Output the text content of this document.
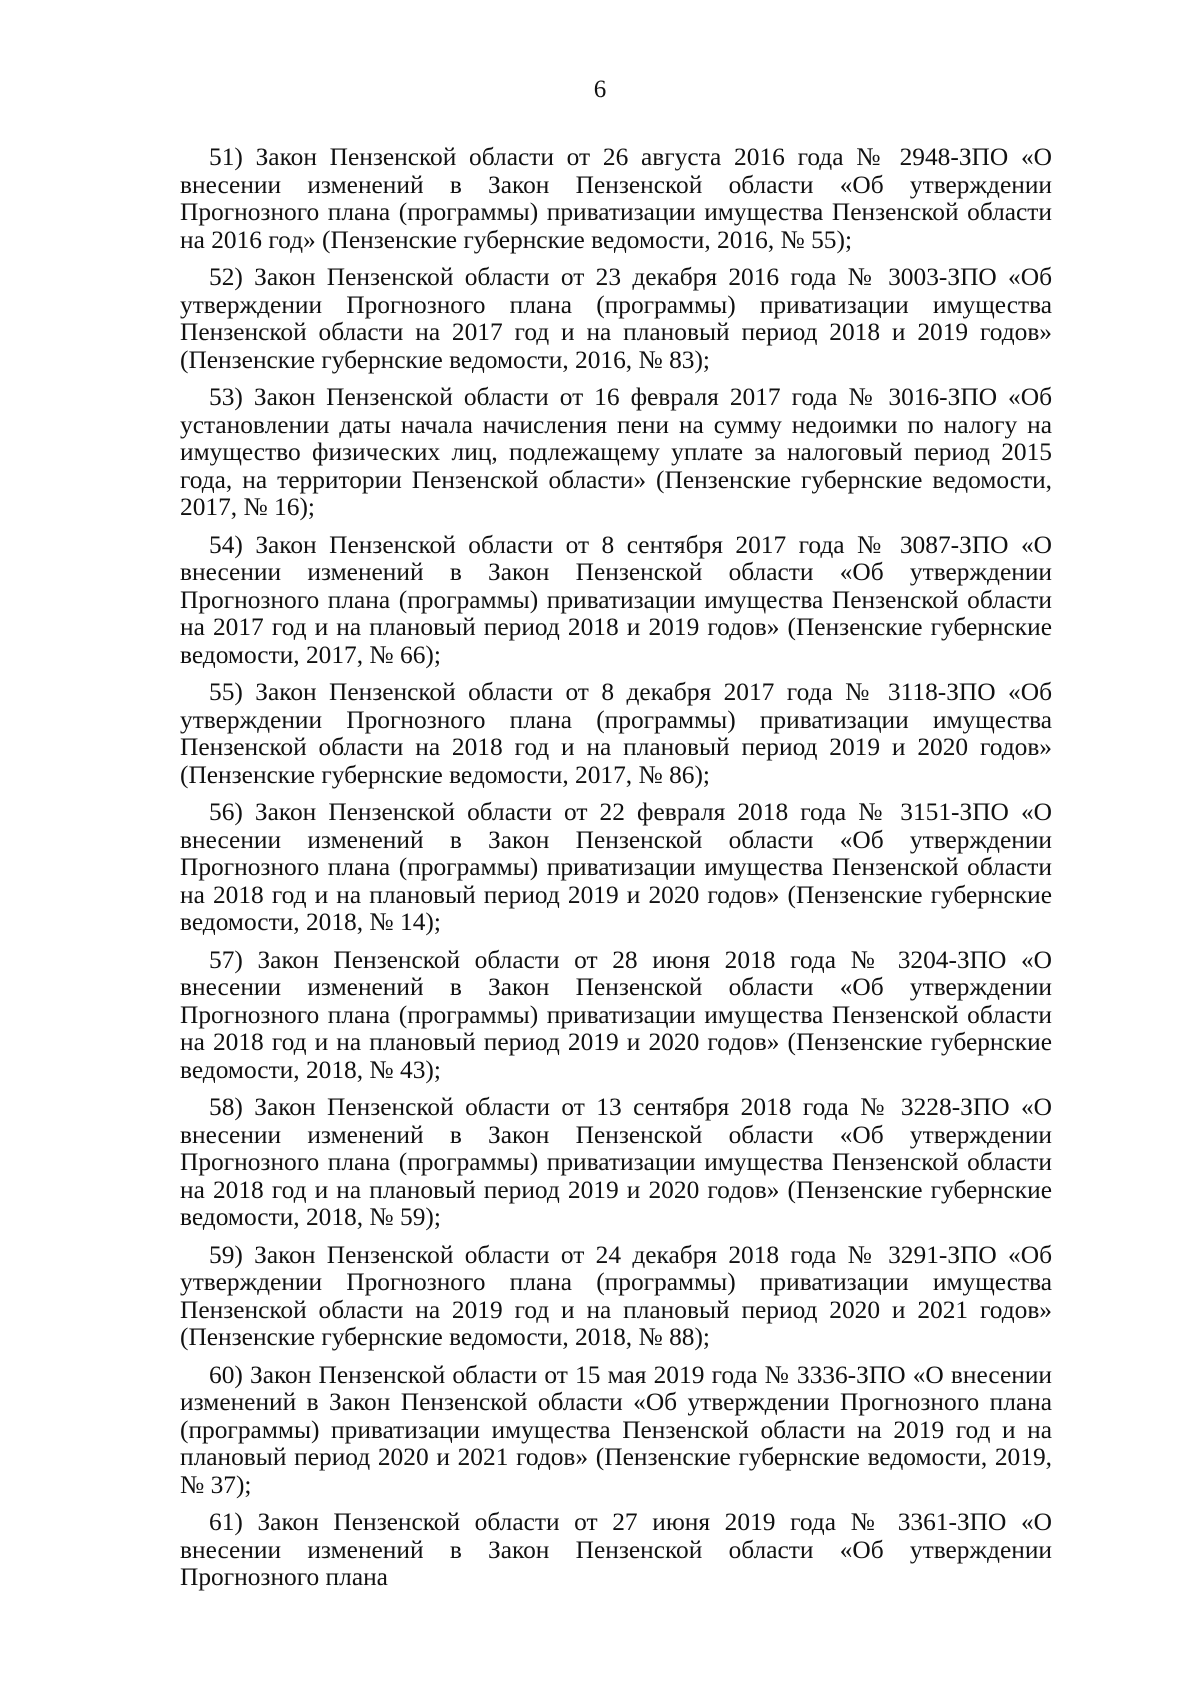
6

51) Закон Пензенской области от 26 августа 2016 года № 2948-ЗПО «О внесении изменений в Закон Пензенской области «Об утверждении Прогнозного плана (программы) приватизации имущества Пензенской области на 2016 год» (Пензенские губернские ведомости, 2016, № 55);

52) Закон Пензенской области от 23 декабря 2016 года № 3003-ЗПО «Об утверждении Прогнозного плана (программы) приватизации имущества Пензенской области на 2017 год и на плановый период 2018 и 2019 годов» (Пензенские губернские ведомости, 2016, № 83);

53) Закон Пензенской области от 16 февраля 2017 года № 3016-ЗПО «Об установлении даты начала начисления пени на сумму недоимки по налогу на имущество физических лиц, подлежащему уплате за налоговый период 2015 года, на территории Пензенской области» (Пензенские губернские ведомости, 2017, № 16);

54) Закон Пензенской области от 8 сентября 2017 года № 3087-ЗПО «О внесении изменений в Закон Пензенской области «Об утверждении Прогнозного плана (программы) приватизации имущества Пензенской области на 2017 год и на плановый период 2018 и 2019 годов» (Пензенские губернские ведомости, 2017, № 66);

55) Закон Пензенской области от 8 декабря 2017 года № 3118-ЗПО «Об утверждении Прогнозного плана (программы) приватизации имущества Пензенской области на 2018 год и на плановый период 2019 и 2020 годов» (Пензенские губернские ведомости, 2017, № 86);

56) Закон Пензенской области от 22 февраля 2018 года № 3151-ЗПО «О внесении изменений в Закон Пензенской области «Об утверждении Прогнозного плана (программы) приватизации имущества Пензенской области на 2018 год и на плановый период 2019 и 2020 годов» (Пензенские губернские ведомости, 2018, № 14);

57) Закон Пензенской области от 28 июня 2018 года № 3204-ЗПО «О внесении изменений в Закон Пензенской области «Об утверждении Прогнозного плана (программы) приватизации имущества Пензенской области на 2018 год и на плановый период 2019 и 2020 годов» (Пензенские губернские ведомости, 2018, № 43);

58) Закон Пензенской области от 13 сентября 2018 года № 3228-ЗПО «О внесении изменений в Закон Пензенской области «Об утверждении Прогнозного плана (программы) приватизации имущества Пензенской области на 2018 год и на плановый период 2019 и 2020 годов» (Пензенские губернские ведомости, 2018, № 59);

59) Закон Пензенской области от 24 декабря 2018 года № 3291-ЗПО «Об утверждении Прогнозного плана (программы) приватизации имущества Пензенской области на 2019 год и на плановый период 2020 и 2021 годов» (Пензенские губернские ведомости, 2018, № 88);

60) Закон Пензенской области от 15 мая 2019 года № 3336-ЗПО «О внесении изменений в Закон Пензенской области «Об утверждении Прогнозного плана (программы) приватизации имущества Пензенской области на 2019 год и на плановый период 2020 и 2021 годов» (Пензенские губернские ведомости, 2019, № 37);

61) Закон Пензенской области от 27 июня 2019 года № 3361-ЗПО «О внесении изменений в Закон Пензенской области «Об утверждении Прогнозного плана
